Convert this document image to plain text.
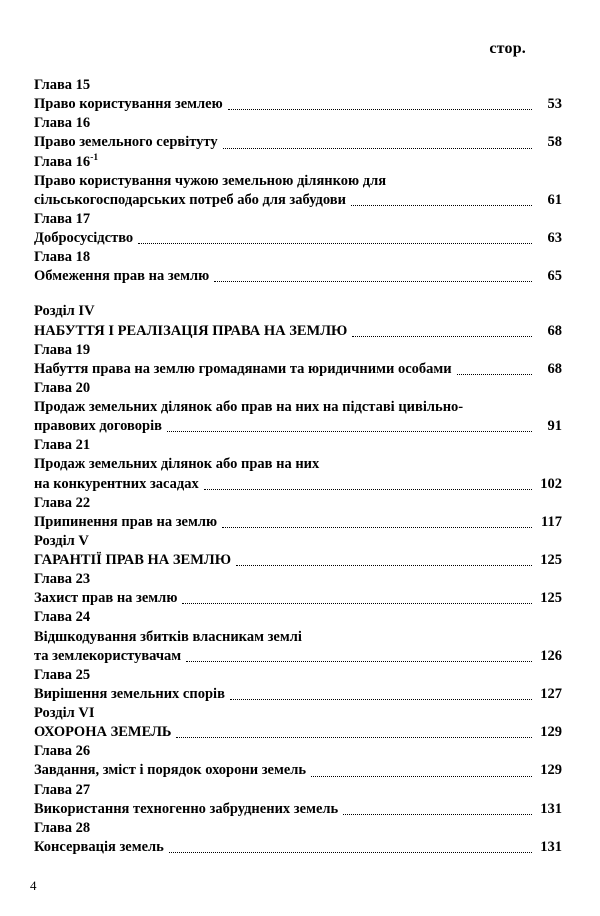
стор.
Глава 15
Право користування землею	53
Глава 16
Право земельного сервітуту	58
Глава $16^{-1}$
Право користування чужою земельною ділянкою для
сільськогосподарських потреб або для забудови	61
Глава 17
Добросусідство	63
Глава 18
Обмеження прав на землю	65
Розділ IV
НАБУТТЯ І РЕАЛІЗАЦІЯ ПРАВА НА ЗЕМЛЮ	68
Глава 19
Набуття права на землю громадянами та юридичними особами	68
Глава 20
Продаж земельних ділянок або прав на них на підставі цивільно-
правових договорів	91
Глава 21
Продаж земельних ділянок або прав на них
на конкурентних засадах	102
Глава 22
Припинення прав на землю	117
Розділ V
ГАРАНТІЇ ПРАВ НА ЗЕМЛЮ	125
Глава 23
Захист прав на землю	125
Глава 24
Відшкодування збитків власникам землі
та землекористувачам	126
Глава 25
Вирішення земельних спорів	127
Розділ VI
ОХОРОНА ЗЕМЕЛЬ	129
Глава 26
Завдання, зміст і порядок охорони земель	129
Глава 27
Використання техногенно забруднених земель	131
Глава 28
Консервація земель	131
4
